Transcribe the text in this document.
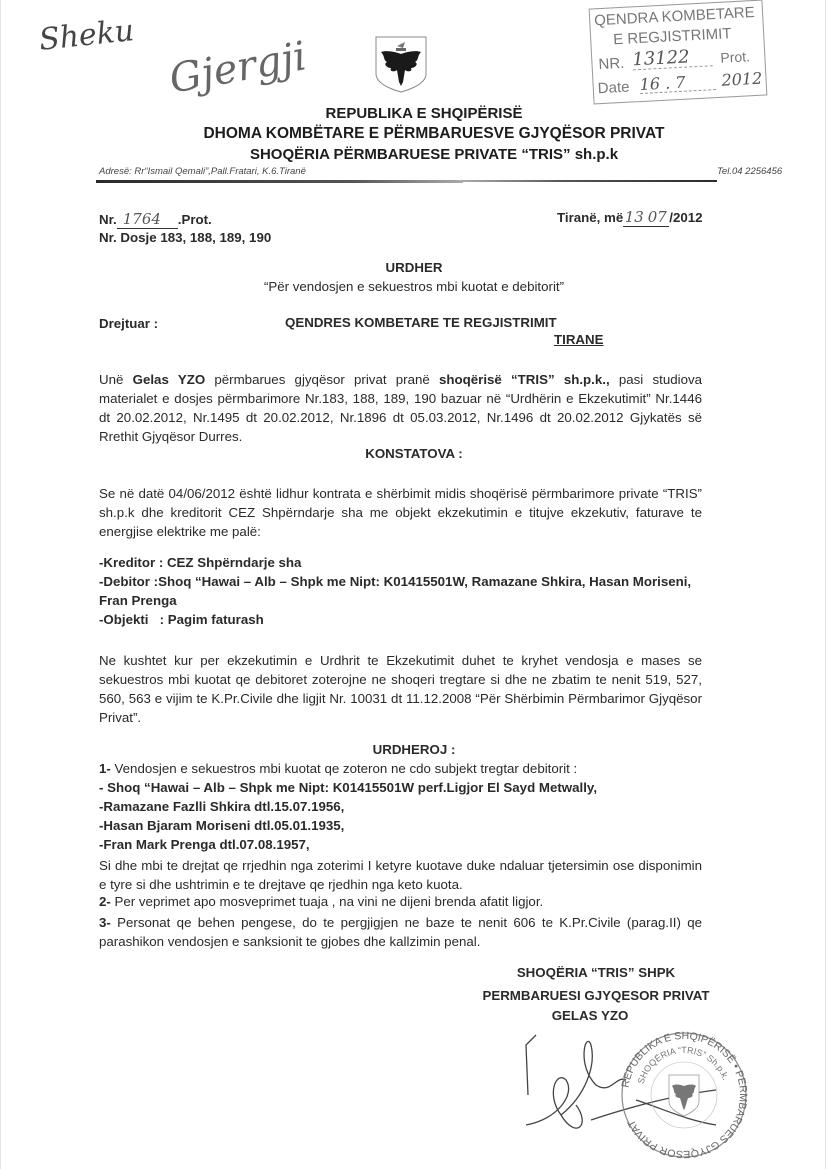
Sheku Gjergji
QENDRA KOMBETARE
E REGJISTRIMIT
NR. 13122	Prot.
Date 16 . 7	2012
REPUBLIKA E SHQIPËRISË
DHOMA KOMBËTARE E PËRMBARUESVE GJYQËSOR PRIVAT
SHOQËRIA PËRMBARUESE PRIVATE “TRIS” sh.p.k
Adresë: Rr“Ismail Qemali”,Pall.Fratari, K.6.Tiranë	Tel.04 2256456
Nr. 1764 .Prot.
Nr. Dosje 183, 188, 189, 190
Tiranë, më13 07 /2012
URDHER
“Për vendosjen e sekuestros mbi kuotat e debitorit”
Drejtuar :	QENDRES KOMBETARE TE REGJISTRIMIT
TIRANE
Unë Gelas YZO përmbarues gjyqësor privat pranë shoqërisë “TRIS” sh.p.k., pasi studiova materialet e dosjes përmbarimore Nr.183, 188, 189, 190 bazuar në “Urdhërin e Ekzekutimit” Nr.1446 dt 20.02.2012, Nr.1495 dt 20.02.2012, Nr.1896 dt 05.03.2012, Nr.1496 dt 20.02.2012 Gjykatës së Rrethit Gjyqësor Durres.
KONSTATOVA :
Se në datë 04/06/2012 është lidhur kontrata e shërbimit midis shoqërisë përmbarimore private “TRIS” sh.p.k dhe kreditorit CEZ Shpërndarje sha me objekt ekzekutimin e titujve ekzekutiv, faturave te energjise elektrike me palë:
-Kreditor : CEZ Shpërndarje sha
-Debitor :Shoq “Hawai – Alb – Shpk me Nipt: K01415501W, Ramazane Shkira, Hasan Moriseni,
Fran Prenga
-Objekti   : Pagim faturash
Ne kushtet kur per ekzekutimin e Urdhrit te Ekzekutimit duhet te kryhet vendosja e mases se sekuestros mbi kuotat qe debitoret zoterojne ne shoqeri tregtare si dhe ne zbatim te nenit 519, 527, 560, 563 e vijim te K.Pr.Civile dhe ligjit Nr. 10031 dt 11.12.2008 “Për Shërbimin Përmbarimor Gjyqësor Privat”.
URDHEROJ :
1- Vendosjen e sekuestros mbi kuotat qe zoteron ne cdo subjekt tregtar debitorit :
- Shoq “Hawai – Alb – Shpk me Nipt: K01415501W perf.Ligjor El Sayd Metwally,
-Ramazane Fazlli Shkira dtl.15.07.1956,
-Hasan Bjaram Moriseni dtl.05.01.1935,
-Fran Mark Prenga dtl.07.08.1957,
Si dhe mbi te drejtat qe rrjedhin nga zoterimi I ketyre kuotave duke ndaluar tjetersimin ose disponimin e tyre si dhe ushtrimin e te drejtave qe rjedhin nga keto kuota.
2- Per veprimet apo mosveprimet tuaja , na vini ne dijeni brenda afatit ligjor.
3- Personat qe behen pengese, do te pergjigjen ne baze te nenit 606 te K.Pr.Civile (parag.II) qe parashikon vendosjen e sanksionit te gjobes dhe kallzimin penal.
SHOQËRIA “TRIS” SHPK
PERMBARUESI GJYQESOR PRIVAT
GELAS YZO
REPUBLIKA E SHQIPËRISË • PERMBARUES GJYQESOR PRIVAT
SHOQËRIA “TRIS” Sh.p.k.
